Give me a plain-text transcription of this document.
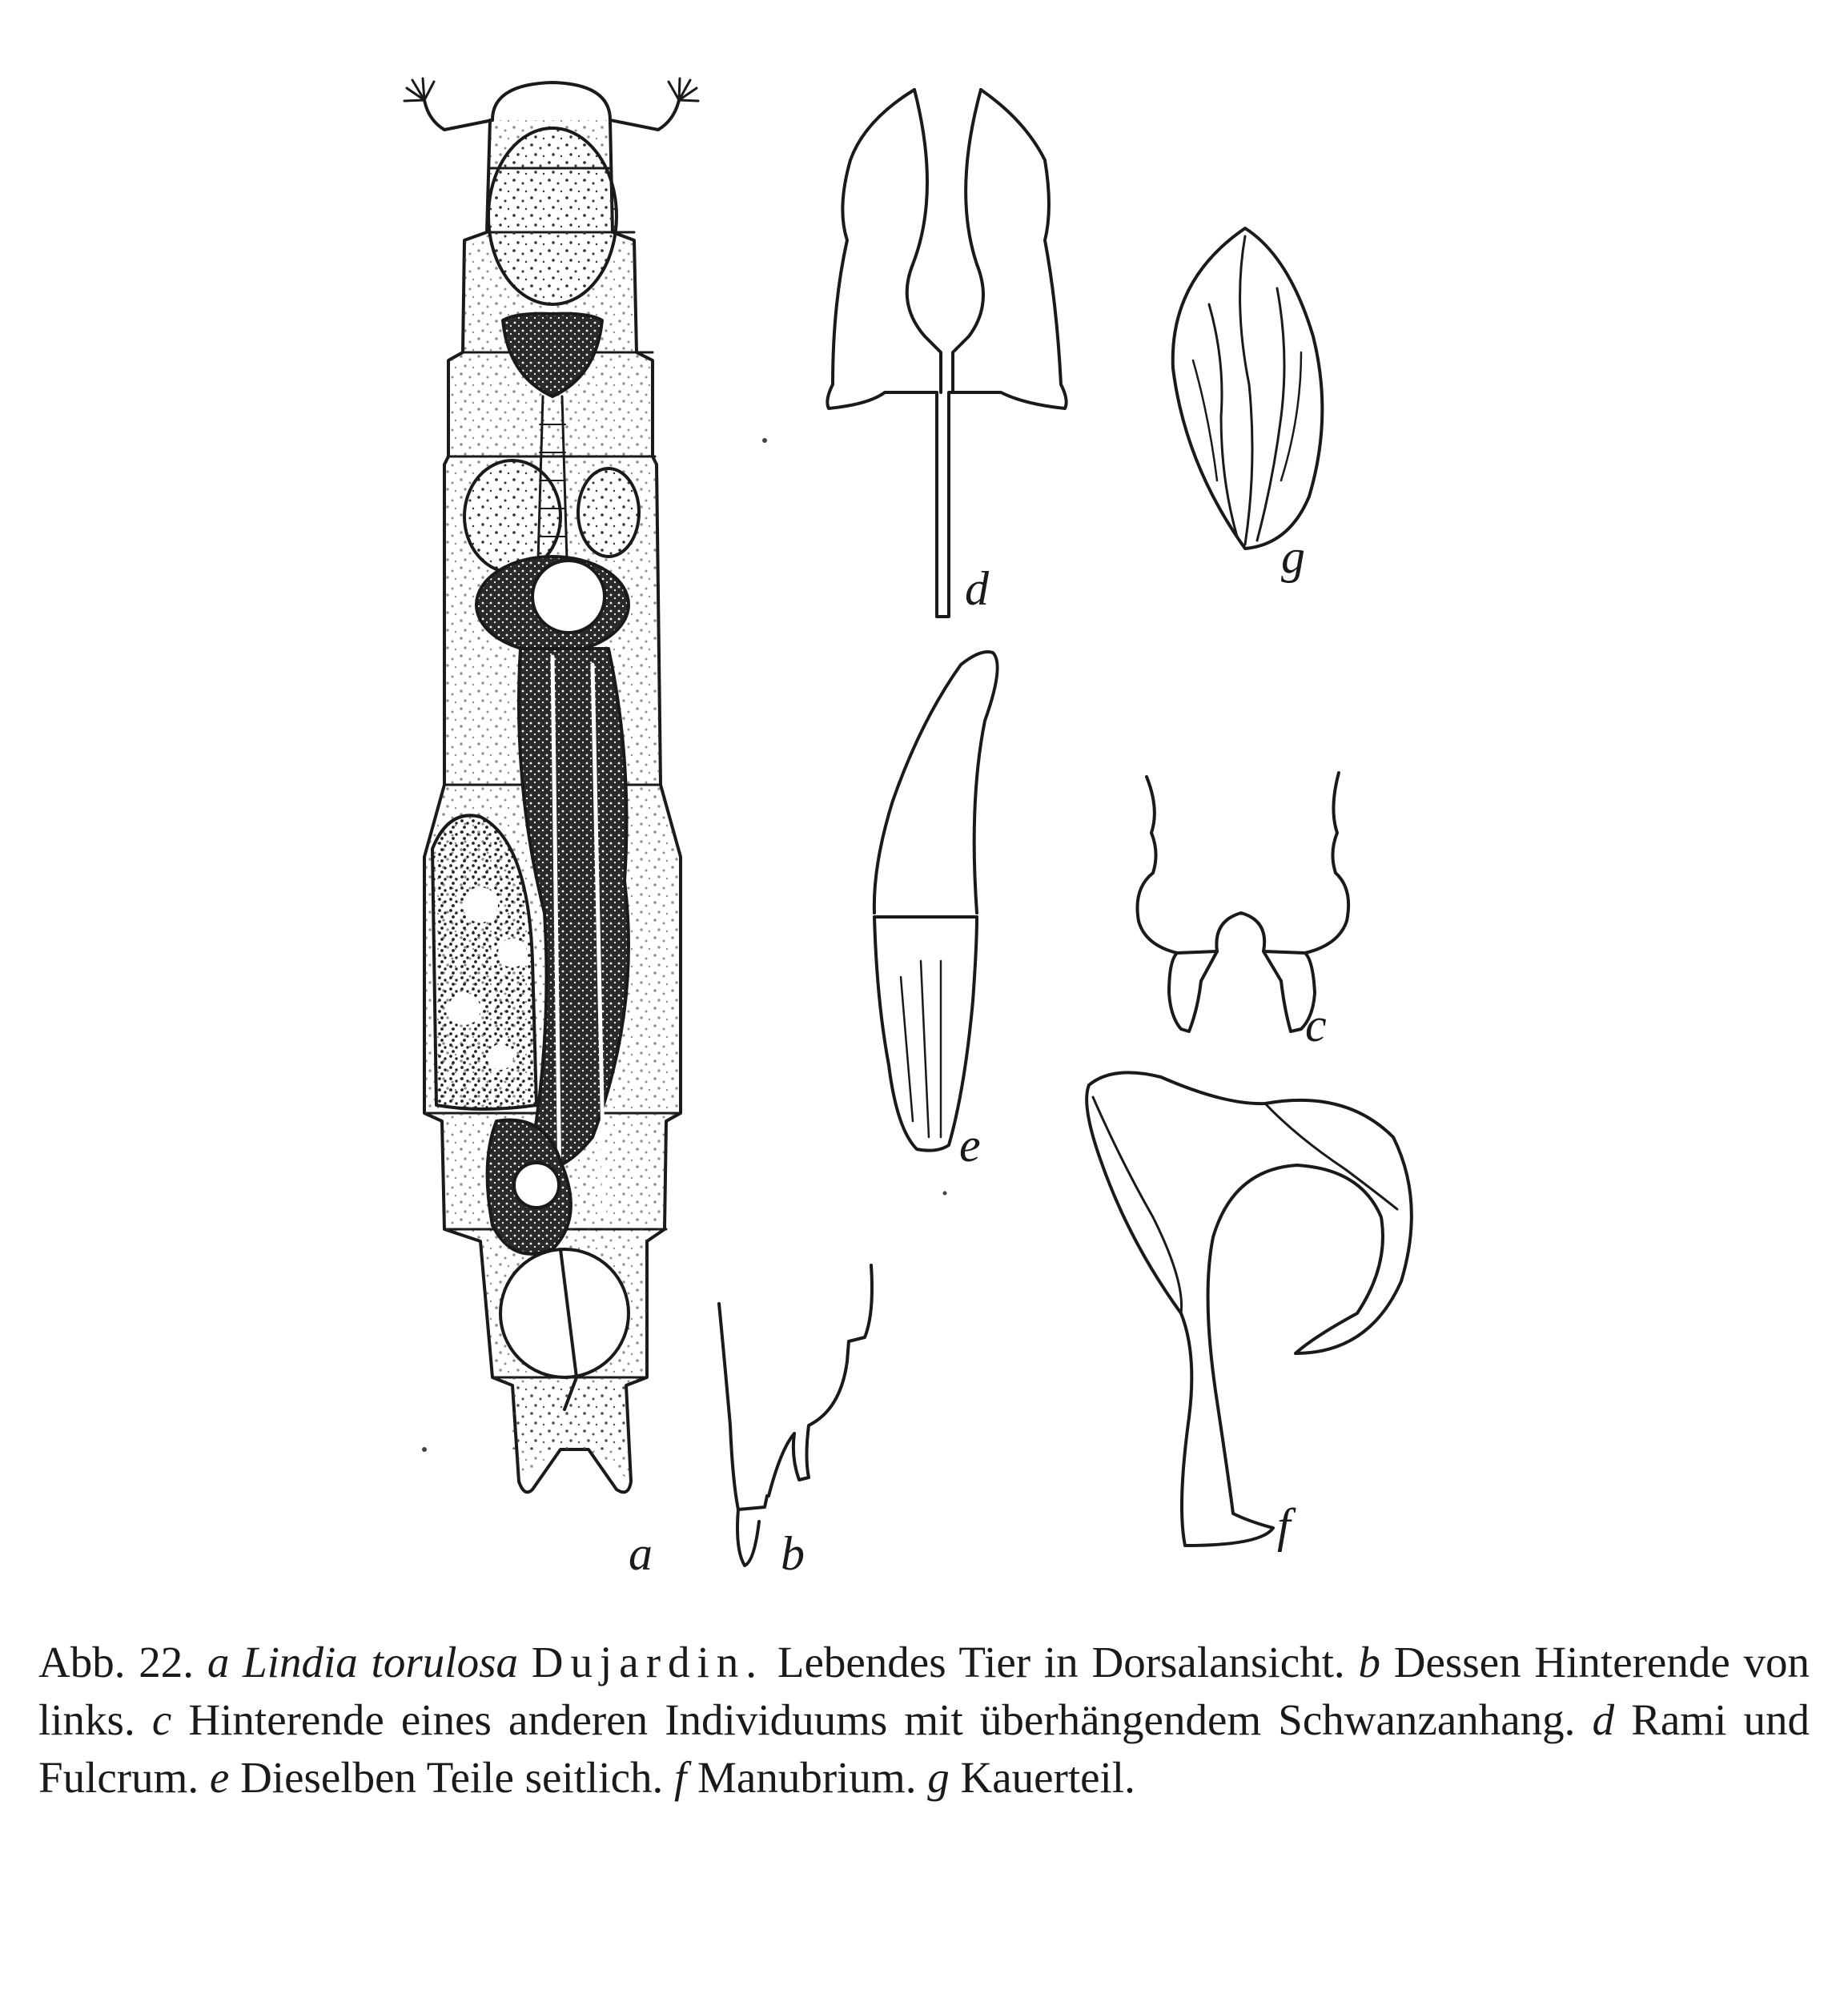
a	b
d
g
e
c
f

Abb. 22. a Lindia torulosa Dujardin. Lebendes Tier in Dorsalansicht. b Dessen Hinterende von links. c Hinterende eines anderen Individuums mit überhängendem Schwanzanhang. d Rami und Fulcrum. e Dieselben Teile seitlich. f Manubrium. g Kauerteil.
